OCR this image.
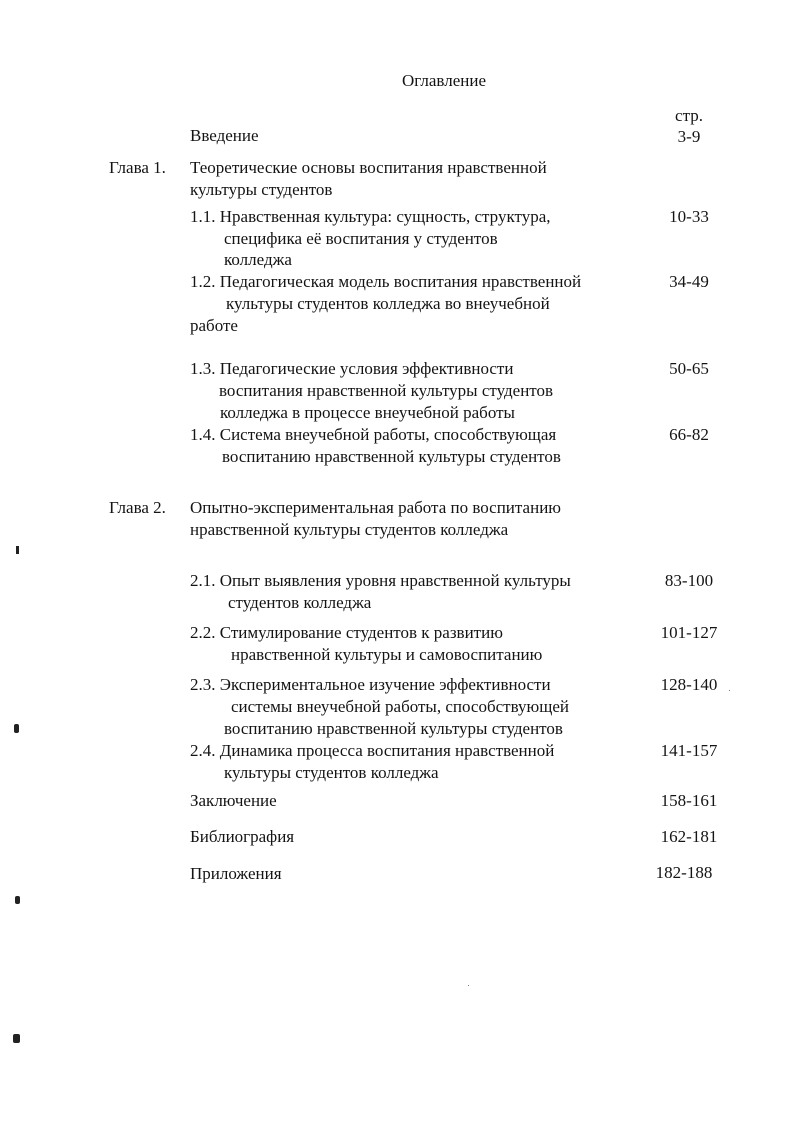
Оглавление
стр.
Введение	3-9
Глава 1. Теоретические основы воспитания нравственной
культуры студентов
1.1. Нравственная культура: сущность, структура,
специфика её воспитания у студентов
колледжа
10-33
1.2. Педагогическая модель воспитания нравственной
культуры студентов колледжа во внеучебной
работе
34-49
1.3. Педагогические условия эффективности
воспитания нравственной культуры студентов
колледжа в процессе внеучебной работы
50-65
1.4. Система внеучебной работы, способствующая
воспитанию нравственной культуры студентов
66-82
Глава 2. Опытно-экспериментальная работа по воспитанию
нравственной культуры студентов колледжа
2.1. Опыт выявления уровня нравственной культуры
студентов колледжа
83-100
2.2. Стимулирование студентов к развитию
нравственной культуры и самовоспитанию
101-127
2.3. Экспериментальное изучение эффективности
системы внеучебной работы, способствующей
воспитанию нравственной культуры студентов
128-140
2.4. Динамика процесса воспитания нравственной
культуры студентов колледжа
141-157
Заключение	158-161
Библиография	162-181
Приложения	182-188
